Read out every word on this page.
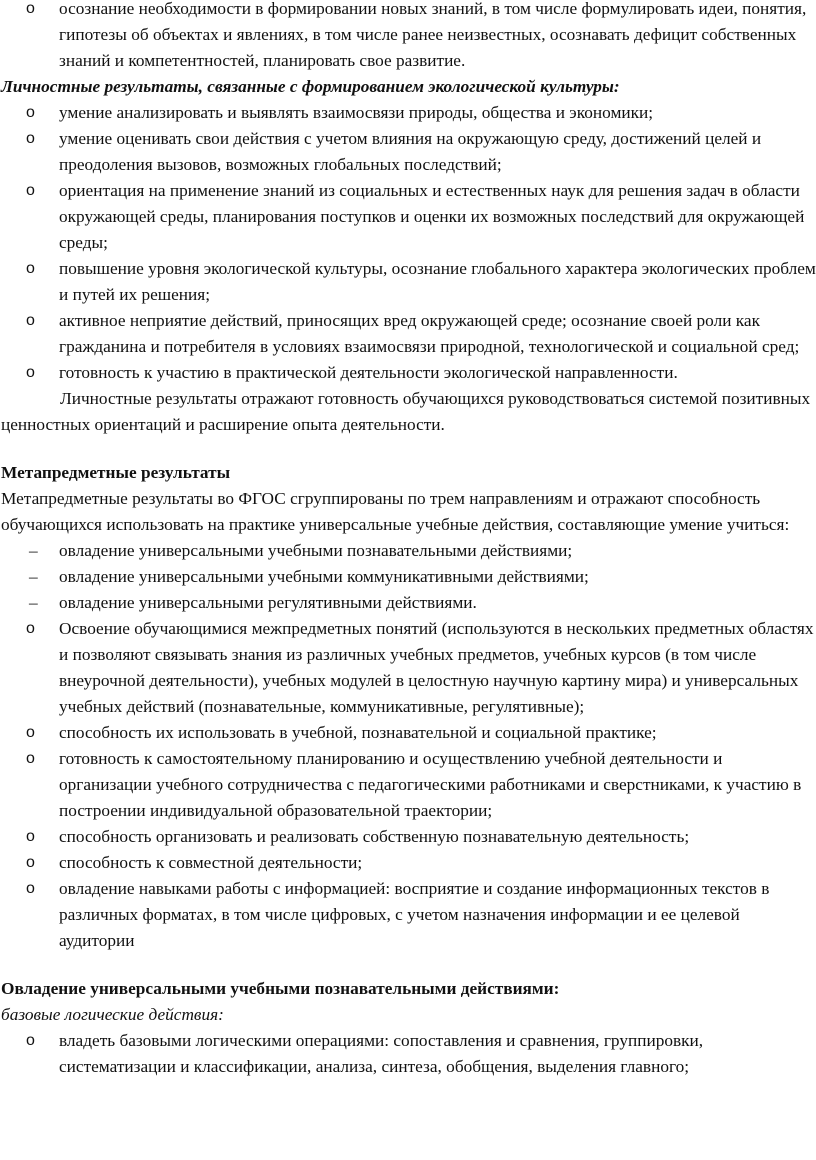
o осознание необходимости в формировании новых знаний, в том числе формулировать идеи, понятия, гипотезы об объектах и явлениях, в том числе ранее неизвестных, осознавать дефицит собственных знаний и компетентностей, планировать свое развитие.
Личностные результаты, связанные с формированием экологической культуры:
o умение анализировать и выявлять взаимосвязи природы, общества и экономики;
o умение оценивать свои действия с учетом влияния на окружающую среду, достижений целей и преодоления вызовов, возможных глобальных последствий;
o ориентация на применение знаний из социальных и естественных наук для решения задач в области окружающей среды, планирования поступков и оценки их возможных последствий для окружающей среды;
o повышение уровня экологической культуры, осознание глобального характера экологических проблем и путей их решения;
o активное неприятие действий, приносящих вред окружающей среде; осознание своей роли как гражданина и потребителя в условиях взаимосвязи природной, технологической и социальной сред;
o готовность к участию в практической деятельности экологической направленности.
Личностные результаты отражают готовность обучающихся руководствоваться системой позитивных ценностных ориентаций и расширение опыта деятельности.
Метапредметные результаты
Метапредметные результаты во ФГОС сгруппированы по трем направлениям и отражают способность обучающихся использовать на практике универсальные учебные действия, составляющие умение учиться:
– овладение универсальными учебными познавательными действиями;
– овладение универсальными учебными коммуникативными действиями;
– овладение универсальными регулятивными действиями.
o Освоение обучающимися межпредметных понятий (используются в нескольких предметных областях и позволяют связывать знания из различных учебных предметов, учебных курсов (в том числе внеурочной деятельности), учебных модулей в целостную научную картину мира) и универсальных учебных действий (познавательные, коммуникативные, регулятивные);
o способность их использовать в учебной, познавательной и социальной практике;
o готовность к самостоятельному планированию и осуществлению учебной деятельности и организации учебного сотрудничества с педагогическими работниками и сверстниками, к участию в построении индивидуальной образовательной траектории;
o способность организовать и реализовать собственную познавательную деятельность;
o способность к совместной деятельности;
o овладение навыками работы с информацией: восприятие и создание информационных текстов в различных форматах, в том числе цифровых, с учетом назначения информации и ее целевой аудитории
Овладение универсальными учебными познавательными действиями:
базовые логические действия:
o владеть базовыми логическими операциями: сопоставления и сравнения, группировки, систематизации и классификации, анализа, синтеза, обобщения, выделения главного;
